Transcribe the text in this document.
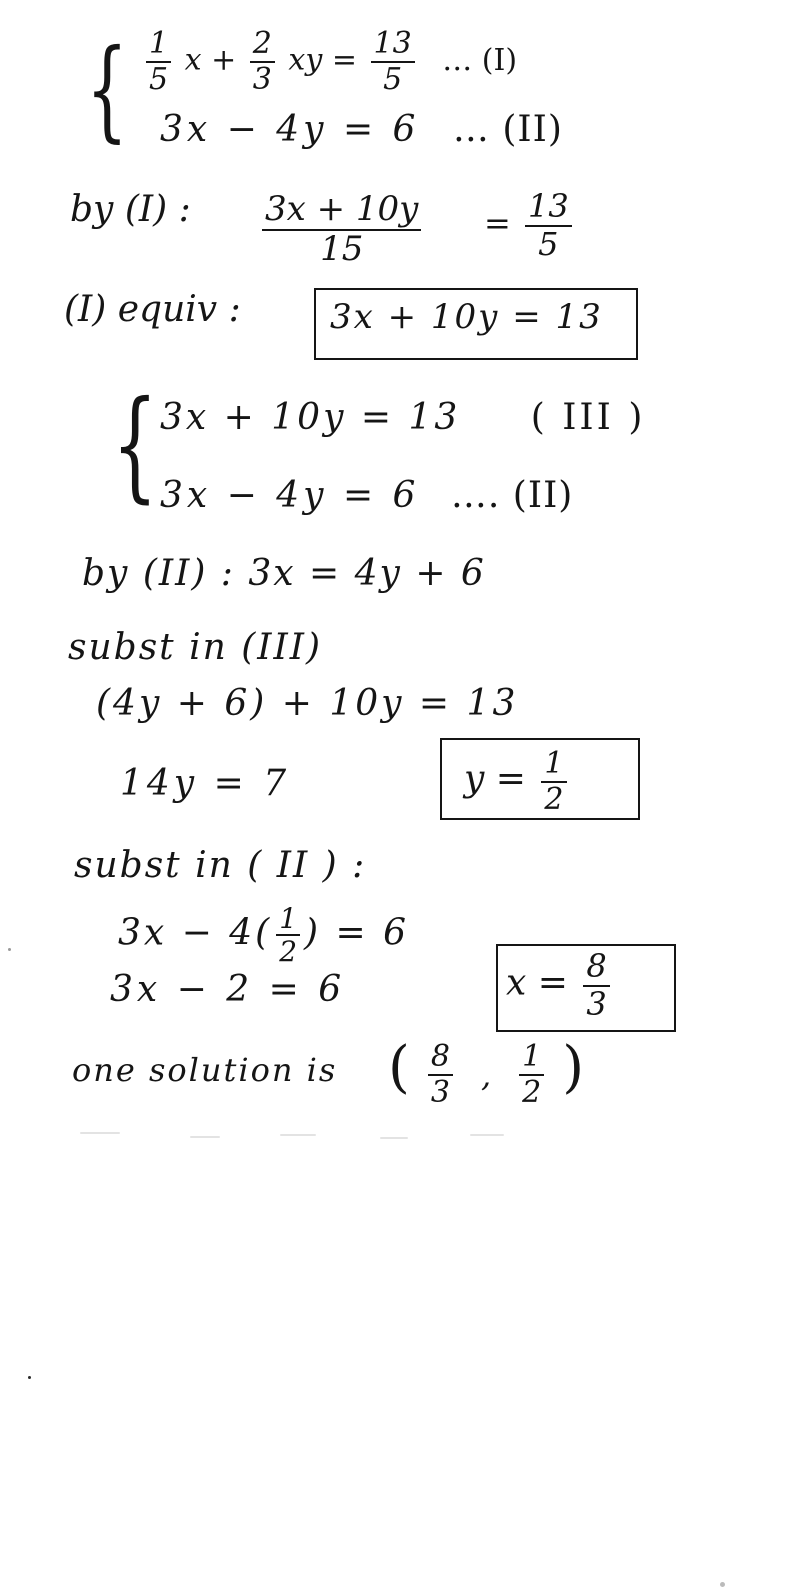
{ $\frac{1}{5}$ $x + \frac{2}{3}$ xy = $\frac{13}{5}$ … (I)
3x − 4y = 6 … (II)
by (I) : $\frac{3x + 10y}{15} = \frac{13}{5}$
(I) equiv :	3x + 10y = 13
{ 3x + 10y = 13 ( III )
3x − 4y = 6 …. (II)
by (II) : 3x = 4y + 6
subst in (III)
(4y + 6) + 10y = 13
14y = 7	$y = \frac{1}{2}$
subst in ( II ) :
$3x - 4( \frac{1}{2}$ ) = 6
3x − 2 = 6	$x = \frac{8}{3}$
one solution is ( $\frac{8}{3}$ , $\frac{1}{2}$ )
